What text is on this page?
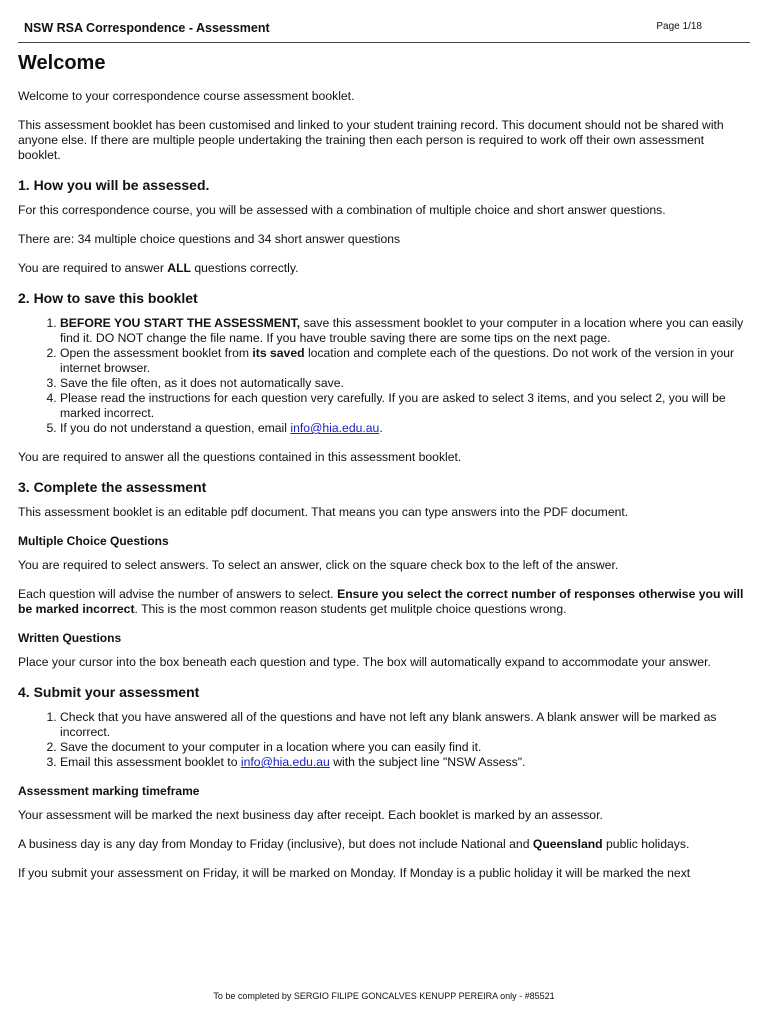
NSW RSA Correspondence - Assessment	Page 1/18
Welcome

Welcome to your correspondence course assessment booklet.

This assessment booklet has been customised and linked to your student training record. This document should not be shared with anyone else. If there are multiple people undertaking the training then each person is required to work off their own assessment booklet.

1. How you will be assessed.

For this correspondence course, you will be assessed with a combination of multiple choice and short answer questions.

There are: 34 multiple choice questions and 34 short answer questions

You are required to answer ALL questions correctly.

2. How to save this booklet
1. BEFORE YOU START THE ASSESSMENT, save this assessment booklet to your computer in a location where you can easily find it. DO NOT change the file name. If you have trouble saving there are some tips on the next page.
2. Open the assessment booklet from its saved location and complete each of the questions. Do not work of the version in your internet browser.
3. Save the file often, as it does not automatically save.
4. Please read the instructions for each question very carefully. If you are asked to select 3 items, and you select 2, you will be marked incorrect.
5. If you do not understand a question, email info@hia.edu.au.

You are required to answer all the questions contained in this assessment booklet.

3. Complete the assessment

This assessment booklet is an editable pdf document. That means you can type answers into the PDF document.

Multiple Choice Questions

You are required to select answers. To select an answer, click on the square check box to the left of the answer.

Each question will advise the number of answers to select. Ensure you select the correct number of responses otherwise you will be marked incorrect. This is the most common reason students get mulitple choice questions wrong.

Written Questions

Place your cursor into the box beneath each question and type. The box will automatically expand to accommodate your answer.

4. Submit your assessment
1. Check that you have answered all of the questions and have not left any blank answers. A blank answer will be marked as incorrect.
2. Save the document to your computer in a location where you can easily find it.
3. Email this assessment booklet to info@hia.edu.au with the subject line "NSW Assess".
Assessment marking timeframe

Your assessment will be marked the next business day after receipt. Each booklet is marked by an assessor.

A business day is any day from Monday to Friday (inclusive), but does not include National and Queensland public holidays.

If you submit your assessment on Friday, it will be marked on Monday. If Monday is a public holiday it will be marked the next

To be completed by SERGIO FILIPE GONCALVES KENUPP PEREIRA only - #85521
